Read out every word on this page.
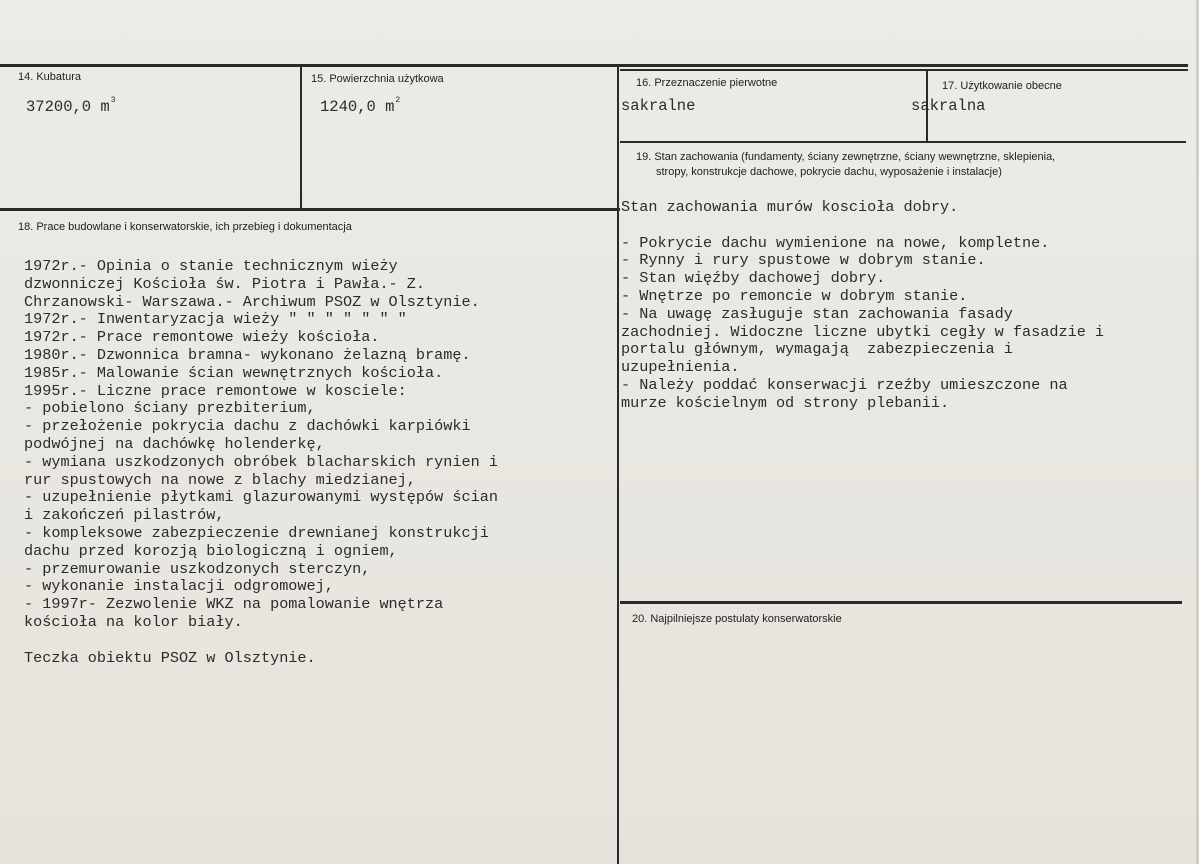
14. Kubatura
37200,0 $m^3$
15. Powierzchnia użytkowa
1240,0 $m^2$
16. Przeznaczenie pierwotne
sakralne
17. Użytkowanie obecne
sakralna
19. Stan zachowania (fundamenty, ściany zewnętrzne, ściany wewnętrzne, sklepienia,
stropy, konstrukcje dachowe, pokrycie dachu, wyposażenie i instalacje)
Stan zachowania murów koscioła dobry.
- Pokrycie dachu wymienione na nowe, kompletne.
- Rynny i rury spustowe w dobrym stanie.
- Stan więźby dachowej dobry.
- Wnętrze po remoncie w dobrym stanie.
- Na uwagę zasługuje stan zachowania fasady
zachodniej. Widoczne liczne ubytki cegły w fasadzie i
portalu głównym, wymagają  zabezpieczenia i
uzupełnienia.
- Należy poddać konserwacji rzeźby umieszczone na
murze kościelnym od strony plebanii.
18. Prace budowlane i konserwatorskie, ich przebieg i dokumentacja
1972r.- Opinia o stanie technicznym wieży
dzwonniczej Kościoła św. Piotra i Pawła.- Z.
Chrzanowski- Warszawa.- Archiwum PSOZ w Olsztynie.
1972r.- Inwentaryzacja wieży " " " " " " "
1972r.- Prace remontowe wieży kościoła.
1980r.- Dzwonnica bramna- wykonano żelazną bramę.
1985r.- Malowanie ścian wewnętrznych kościoła.
1995r.- Liczne prace remontowe w kosciele:
- pobielono ściany prezbiterium,
- przełożenie pokrycia dachu z dachówki karpiówki
podwójnej na dachówkę holenderkę,
- wymiana uszkodzonych obróbek blacharskich rynien i
rur spustowych na nowe z blachy miedzianej,
- uzupełnienie płytkami glazurowanymi występów ścian
i zakończeń pilastrów,
- kompleksowe zabezpieczenie drewnianej konstrukcji
dachu przed korozją biologiczną i ogniem,
- przemurowanie uszkodzonych sterczyn,
- wykonanie instalacji odgromowej,
- 1997r- Zezwolenie WKZ na pomalowanie wnętrza
kościoła na kolor biały.
Teczka obiektu PSOZ w Olsztynie.
20. Najpilniejsze postulaty konserwatorskie
